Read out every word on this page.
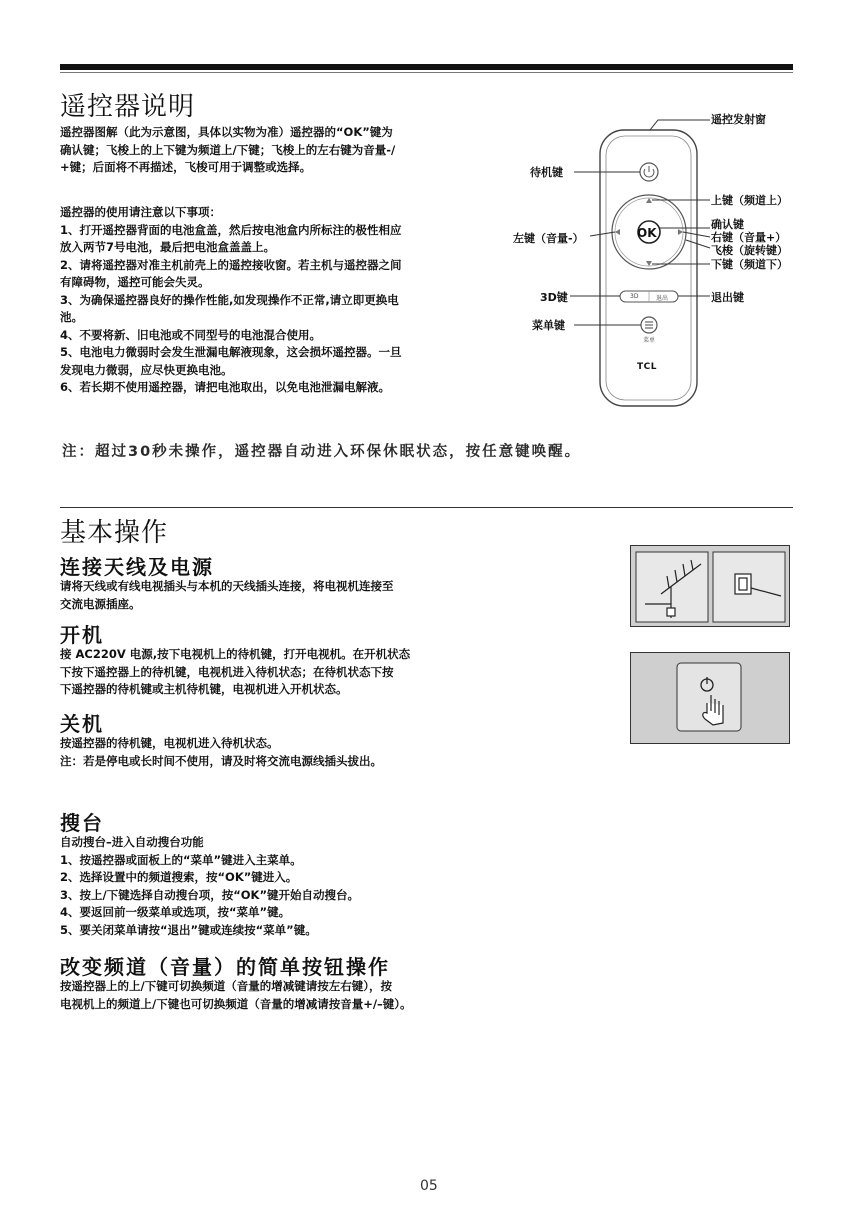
遥控器说明

遥控器图解（此为示意图，具体以实物为准）遥控器的“OK”键为

确认键；飞梭上的上下键为频道上/下键；飞梭上的左右键为音量-/

+键；后面将不再描述，飞梭可用于调整或选择。

遥控器的使用请注意以下事项：

1、打开遥控器背面的电池盒盖，然后按电池盒内所标注的极性相应

放入两节7号电池，最后把电池盒盖盖上。

2、请将遥控器对准主机前壳上的遥控接收窗。若主机与遥控器之间

有障碍物，遥控可能会失灵。

3、为确保遥控器良好的操作性能,如发现操作不正常,请立即更换电

池。

4、不要将新、旧电池或不同型号的电池混合使用。

5、电池电力微弱时会发生泄漏电解液现象，这会损坏遥控器。一旦

发现电力微弱，应尽快更换电池。

6、若长期不使用遥控器，请把电池取出，以免电池泄漏电解液。

注：超过30秒未操作，遥控器自动进入环保休眠状态，按任意键唤醒。
OK
3D	退出
菜单
TCL
遥控发射窗
待机键
上键（频道上）
确认键
右键（音量+）
飞梭（旋转键）
下键（频道下）
左键（音量-）
3D键	退出键
菜单键
基本操作

连接天线及电源

请将天线或有线电视插头与本机的天线插头连接，将电视机连接至

交流电源插座。

开机

接 AC220V 电源,按下电视机上的待机键，打开电视机。在开机状态

下按下遥控器上的待机键，电视机进入待机状态；在待机状态下按

下遥控器的待机键或主机待机键，电视机进入开机状态。

关机

按遥控器的待机键，电视机进入待机状态。

注：若是停电或长时间不使用，请及时将交流电源线插头拔出。

搜台

自动搜台–进入自动搜台功能

1、按遥控器或面板上的“菜单”键进入主菜单。

2、选择设置中的频道搜索，按“OK”键进入。

3、按上/下键选择自动搜台项，按“OK”键开始自动搜台。

4、要返回前一级菜单或选项，按“菜单”键。

5、要关闭菜单请按“退出”键或连续按“菜单”键。

改变频道（音量）的简单按钮操作

按遥控器上的上/下键可切换频道（音量的增减键请按左右键），按

电视机上的频道上/下键也可切换频道（音量的增减请按音量+/–键）。

05
